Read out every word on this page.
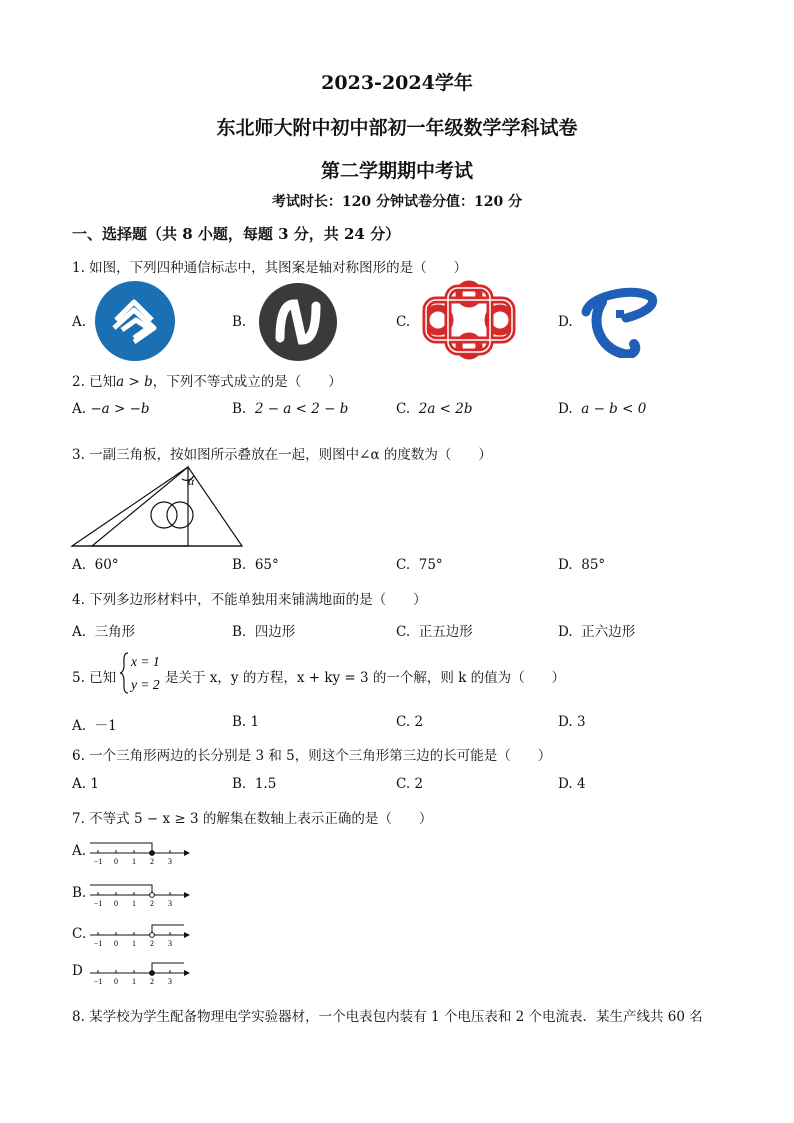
2023-2024学年
东北师大附中初中部初一年级数学学科试卷
第二学期期中考试
考试时长：120 分钟试卷分值：120 分
一、选择题（共 8 小题，每题 3 分，共 24 分）
1. 如图，下列四种通信标志中，其图案是轴对称图形的是（　　）
A.	B.	C.	D.
2. 已知a > b，下列不等式成立的是（　　）
A. −a > −b	B. 2 − a < 2 − b	C. 2a < 2b	D. a − b < 0
3. 一副三角板，按如图所示叠放在一起，则图中∠α 的度数为（　　）
α
A. 60°	B. 65°	C. 75°	D. 85°
4. 下列多边形材料中，不能单独用来铺满地面的是（　　）
A. 三角形	B. 四边形	C. 正五边形	D. 正六边形
5. 已知
x = 1
y = 2 是关于 x，y 的方程，x + ky = 3 的一个解，则 k 的值为（　　）
A. －1	B. 1	C. 2	D. 3
6. 一个三角形两边的长分别是 3 和 5，则这个三角形第三边的长可能是（　　）
A. 1	B. 1.5	C. 2	D. 4
7. 不等式 5 − x ≥ 3 的解集在数轴上表示正确的是（　　）
A.
−1 0 1 2 3
B.
−1 0 1 2 3
C.
−1 0 1 2 3
D
−1 0 1 2 3
8. 某学校为学生配备物理电学实验器材，一个电表包内装有 1 个电压表和 2 个电流表．某生产线共 60 名
